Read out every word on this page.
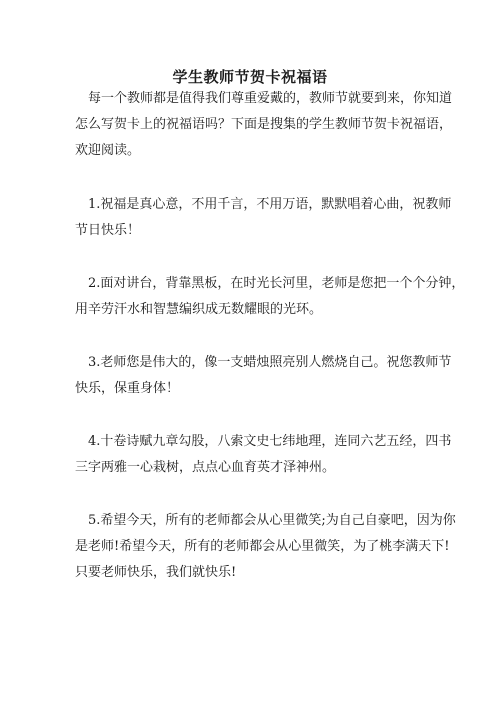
学生教师节贺卡祝福语

每一个教师都是值得我们尊重爱戴的，教师节就要到来，你知道
怎么写贺卡上的祝福语吗？下面是搜集的学生教师节贺卡祝福语，
欢迎阅读。

1.祝福是真心意，不用千言，不用万语，默默唱着心曲，祝教师
节日快乐！

2.面对讲台，背靠黑板，在时光长河里，老师是您把一个个分钟，
用辛劳汗水和智慧编织成无数耀眼的光环。

3.老师您是伟大的，像一支蜡烛照亮别人燃烧自己。祝您教师节
快乐，保重身体！

4.十卷诗赋九章勾股，八索文史七纬地理，连同六艺五经，四书
三字两雅一心栽树，点点心血育英才泽神州。

5.希望今天，所有的老师都会从心里微笑;为自己自豪吧，因为你
是老师!希望今天，所有的老师都会从心里微笑，为了桃李满天下!
只要老师快乐，我们就快乐!
